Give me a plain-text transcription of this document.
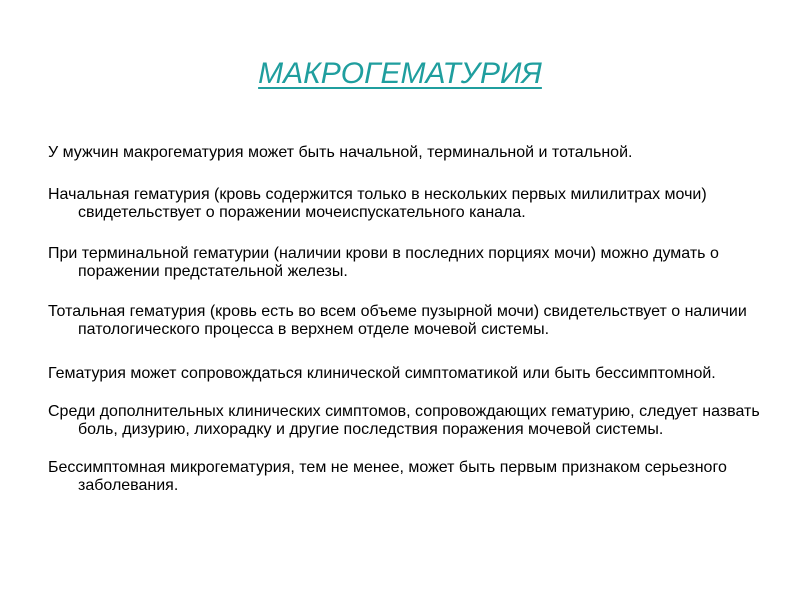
МАКРОГЕМАТУРИЯ

У мужчин макрогематурия может быть начальной, терминальной и тотальной.

Начальная гематурия (кровь содержится только в нескольких первых милилитрах мочи) свидетельствует о поражении мочеиспускательного канала.

При терминальной гематурии (наличии крови в последних порциях мочи) можно думать о поражении предстательной железы.

Тотальная гематурия (кровь есть во всем объеме пузырной мочи) свидетельствует о наличии патологического процесса в верхнем отделе мочевой системы.

Гематурия может сопровождаться клинической симптоматикой или быть бессимптомной.

Среди дополнительных клинических симптомов, сопровождающих гематурию, следует назвать боль, дизурию, лихорадку и другие последствия поражения мочевой системы.

Бессимптомная микрогематурия, тем не менее, может быть первым признаком серьезного заболевания.
